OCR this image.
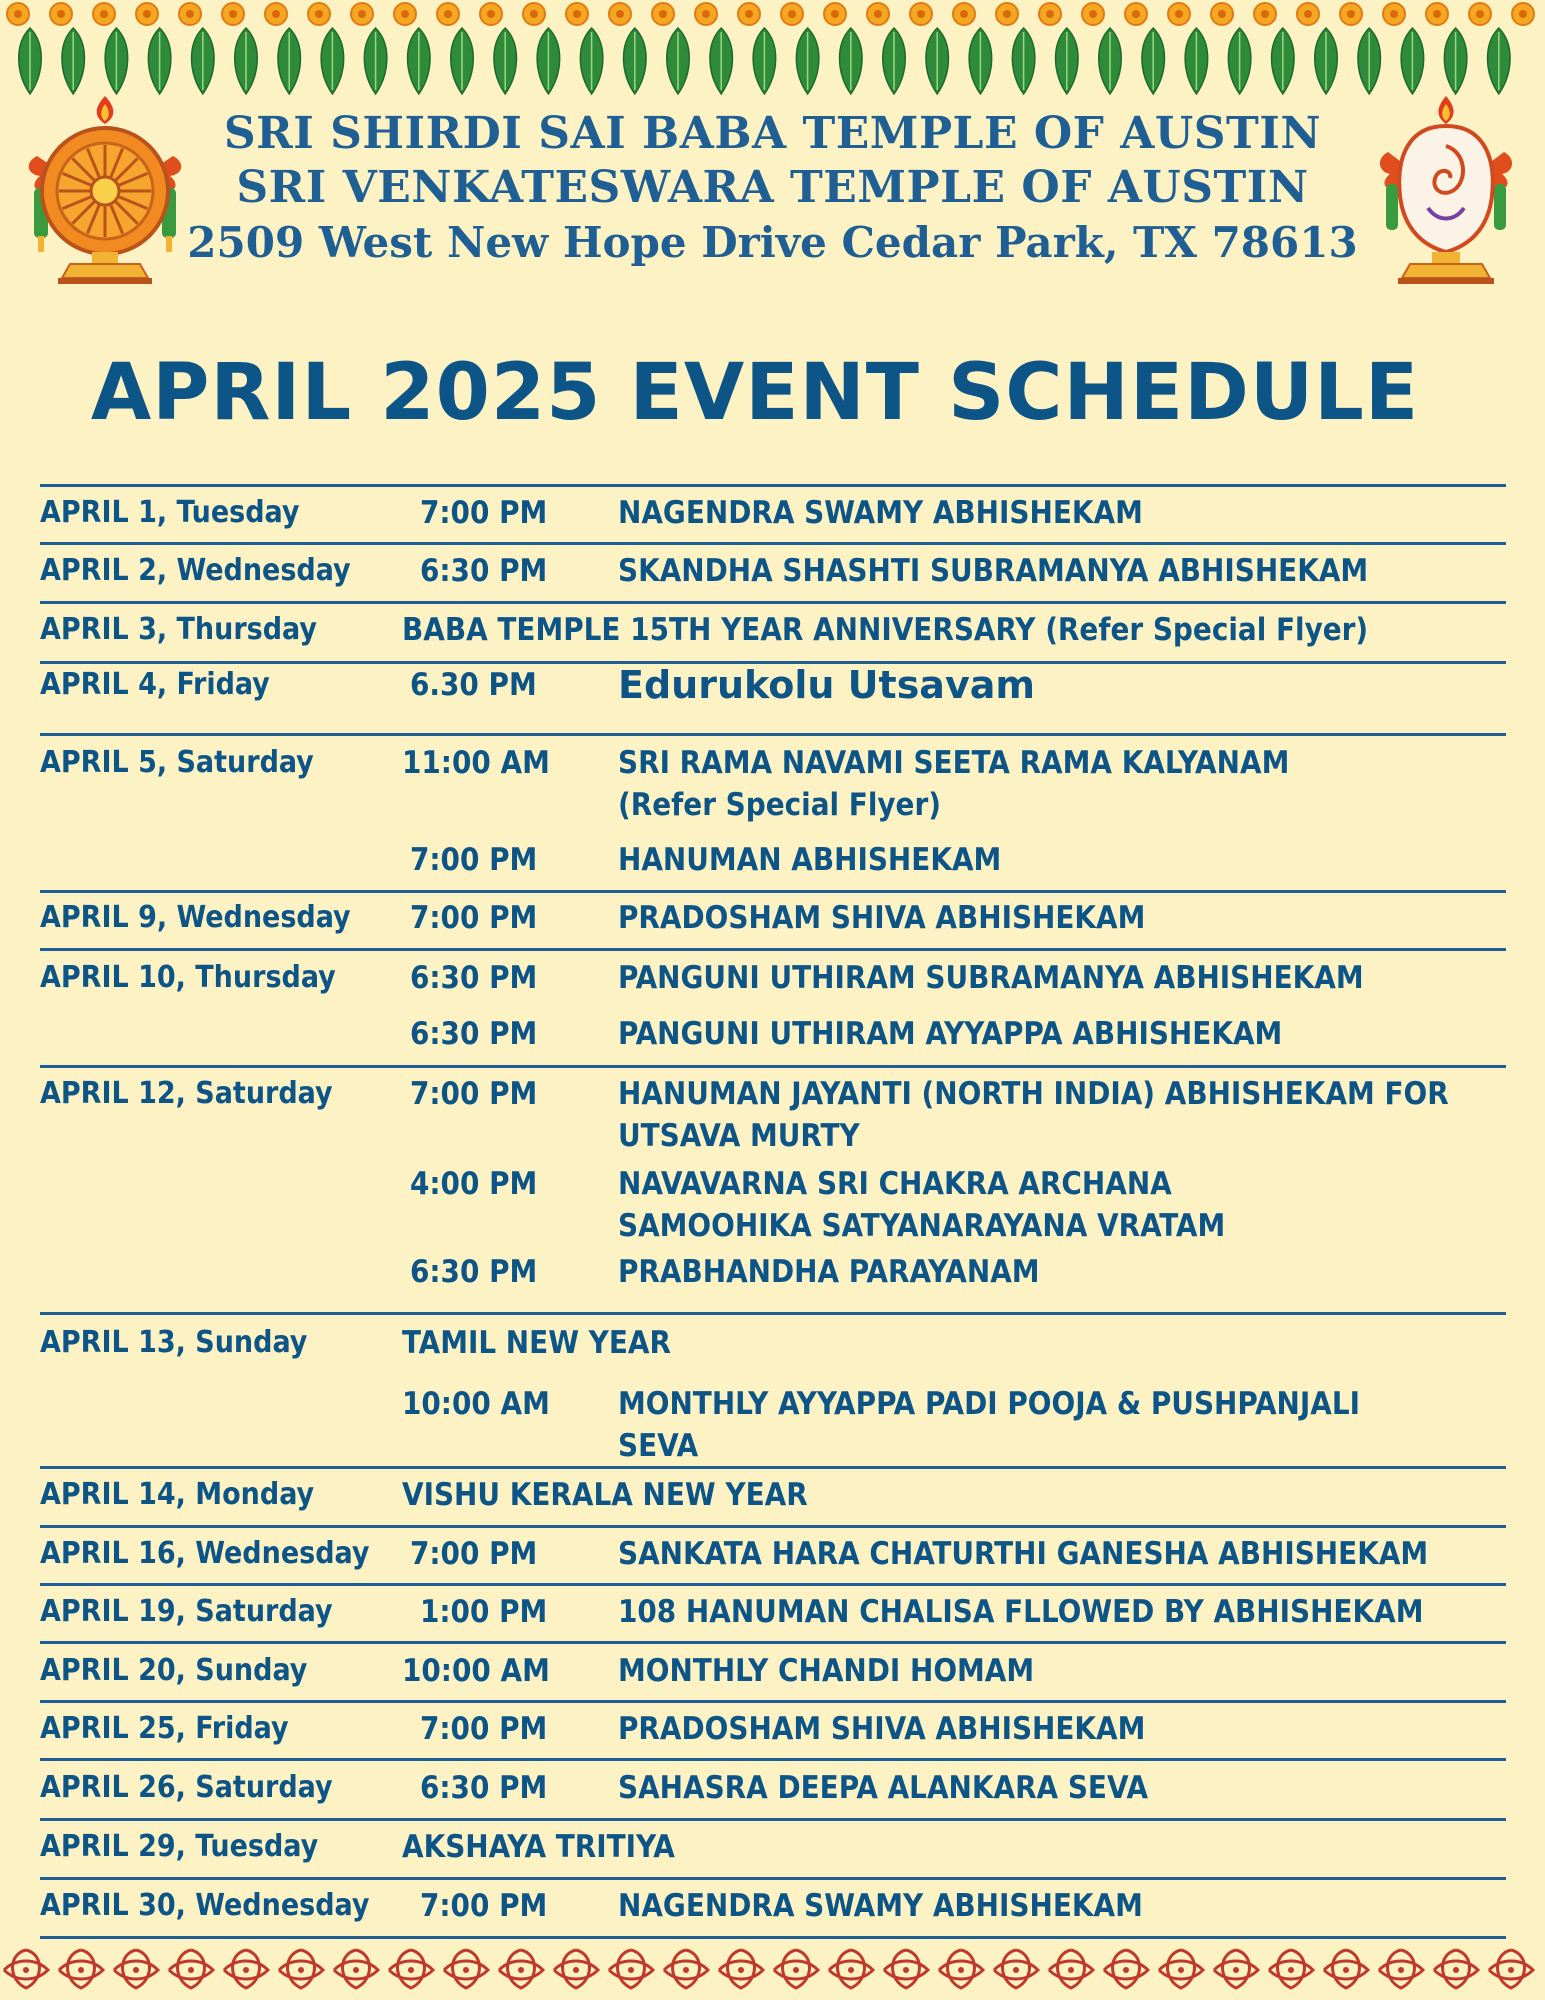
SRI SHIRDI SAI BABA TEMPLE OF AUSTIN
SRI VENKATESWARA TEMPLE OF AUSTIN
2509 West New Hope Drive Cedar Park, TX 78613
APRIL 2025 EVENT SCHEDULE
APRIL 1, Tuesday	7:00 PM NAGENDRA SWAMY ABHISHEKAM
APRIL 2, Wednesday 6:30 PM SKANDHA SHASHTI SUBRAMANYA ABHISHEKAM
APRIL 3, Thursday	BABA TEMPLE 15TH YEAR ANNIVERSARY (Refer Special Flyer)
APRIL 4, Friday	6.30 PM Edurukolu Utsavam
APRIL 5, Saturday	11:00 AM SRI RAMA NAVAMI SEETA RAMA KALYANAM
(Refer Special Flyer)
7:00 PM	HANUMAN ABHISHEKAM
APRIL 9, Wednesday 7:00 PM	PRADOSHAM SHIVA ABHISHEKAM
APRIL 10, Thursday 6:30 PM	PANGUNI UTHIRAM SUBRAMANYA ABHISHEKAM
6:30 PM	PANGUNI UTHIRAM AYYAPPA ABHISHEKAM
APRIL 12, Saturday 7:00 PM	HANUMAN JAYANTI (NORTH INDIA) ABHISHEKAM FOR
UTSAVA MURTY
4:00 PM	NAVAVARNA SRI CHAKRA ARCHANA
SAMOOHIKA SATYANARAYANA VRATAM
6:30 PM	PRABHANDHA PARAYANAM
APRIL 13, Sunday	TAMIL NEW YEAR
10:00 AM MONTHLY AYYAPPA PADI POOJA & PUSHPANJALI
SEVA
APRIL 14, Monday	VISHU KERALA NEW YEAR
APRIL 16, Wednesday 7:00 PM	SANKATA HARA CHATURTHI GANESHA ABHISHEKAM
APRIL 19, Saturday	1:00 PM 108 HANUMAN CHALISA FLLOWED BY ABHISHEKAM
APRIL 20, Sunday	10:00 AM MONTHLY CHANDI HOMAM
APRIL 25, Friday	7:00 PM PRADOSHAM SHIVA ABHISHEKAM
APRIL 26, Saturday	6:30 PM SAHASRA DEEPA ALANKARA SEVA
APRIL 29, Tuesday	AKSHAYA TRITIYA
APRIL 30, Wednesday 7:00 PM NAGENDRA SWAMY ABHISHEKAM
